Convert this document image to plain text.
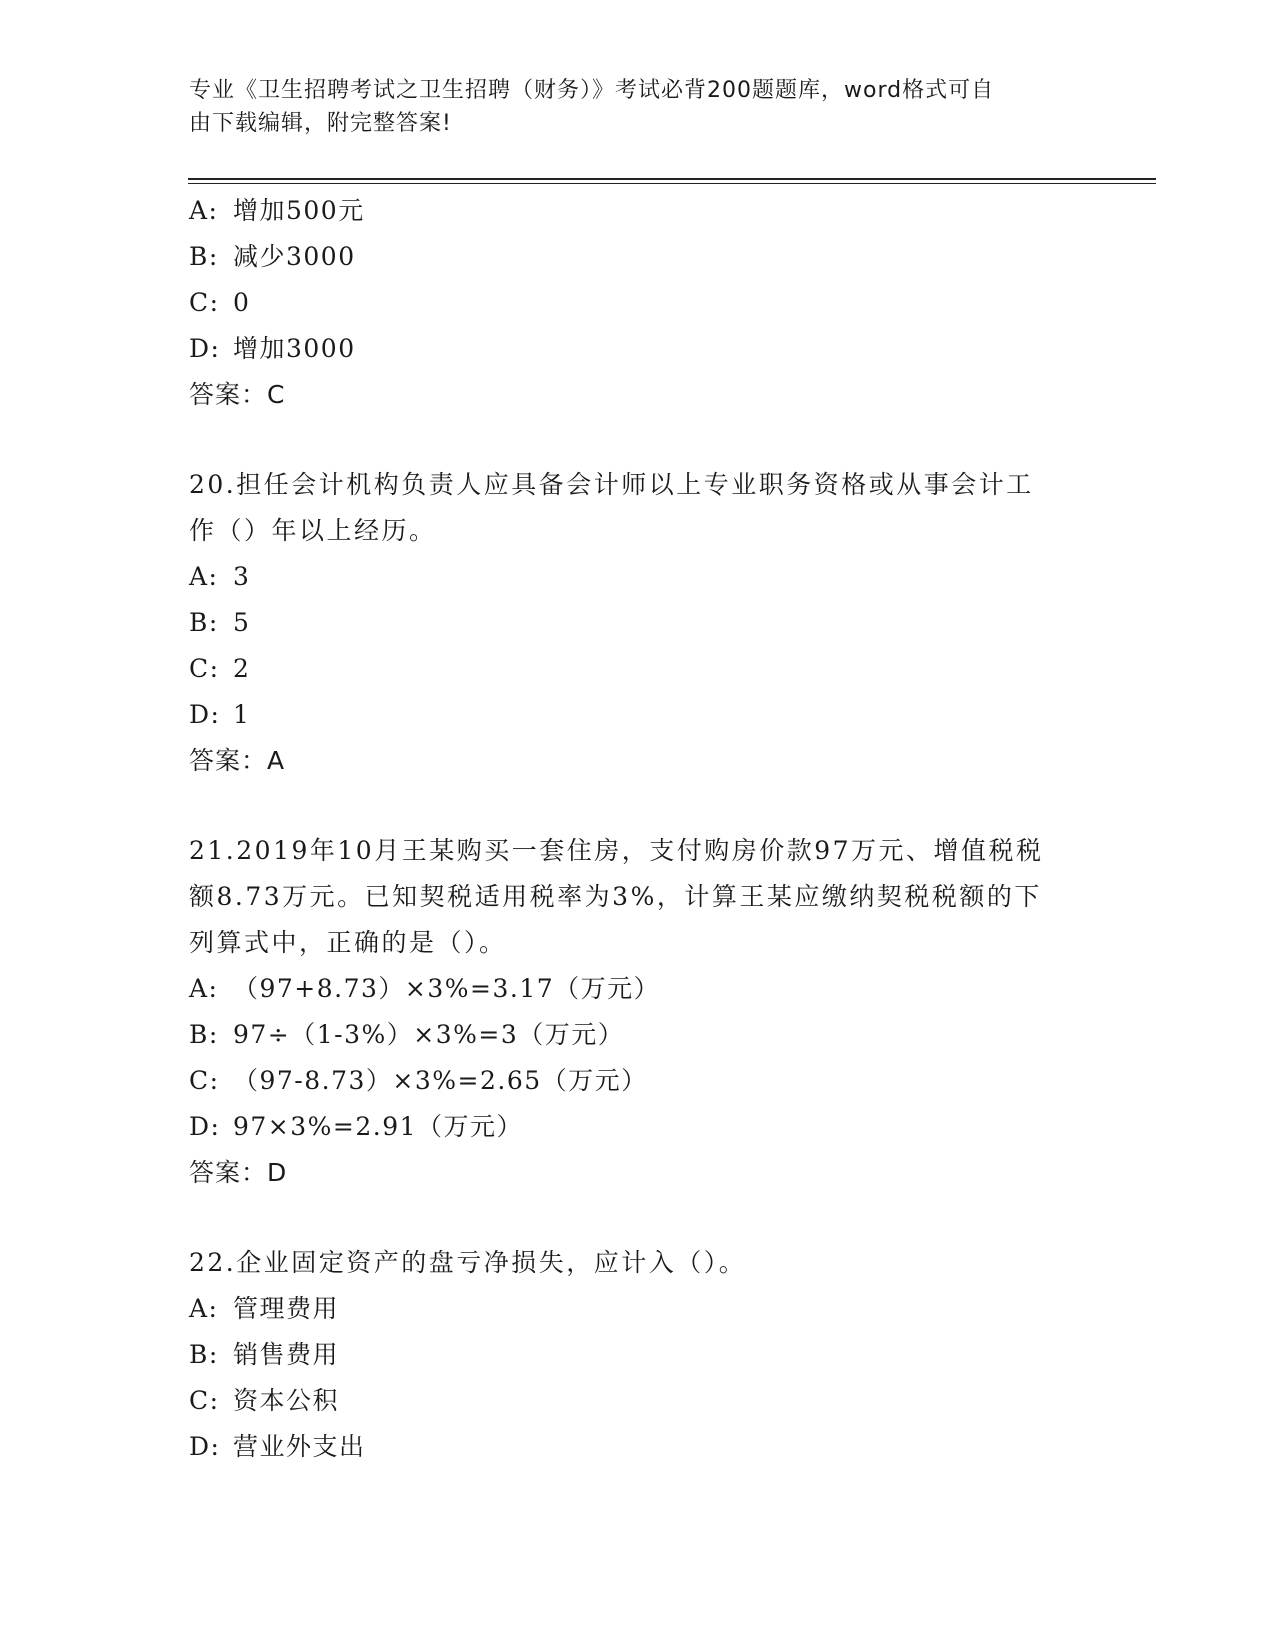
专业《卫生招聘考试之卫生招聘（财务）》考试必背200题题库，word格式可自
由下载编辑，附完整答案!
A: 增加500元
B: 减少3000
C: 0
D: 增加3000
答案：C
20.担任会计机构负责人应具备会计师以上专业职务资格或从事会计工
作（）年以上经历。
A: 3
B: 5
C: 2
D: 1
答案：A
21.2019年10月王某购买一套住房，支付购房价款97万元、增值税税
额8.73万元。已知契税适用税率为3%，计算王某应缴纳契税税额的下
列算式中，正确的是（）。
A: （97+8.73）×3%=3.17（万元）
B: 97÷（1-3%）×3%=3（万元）
C: （97-8.73）×3%=2.65（万元）
D: 97×3%=2.91（万元）
答案：D
22.企业固定资产的盘亏净损失，应计入（）。
A: 管理费用
B: 销售费用
C: 资本公积
D: 营业外支出
